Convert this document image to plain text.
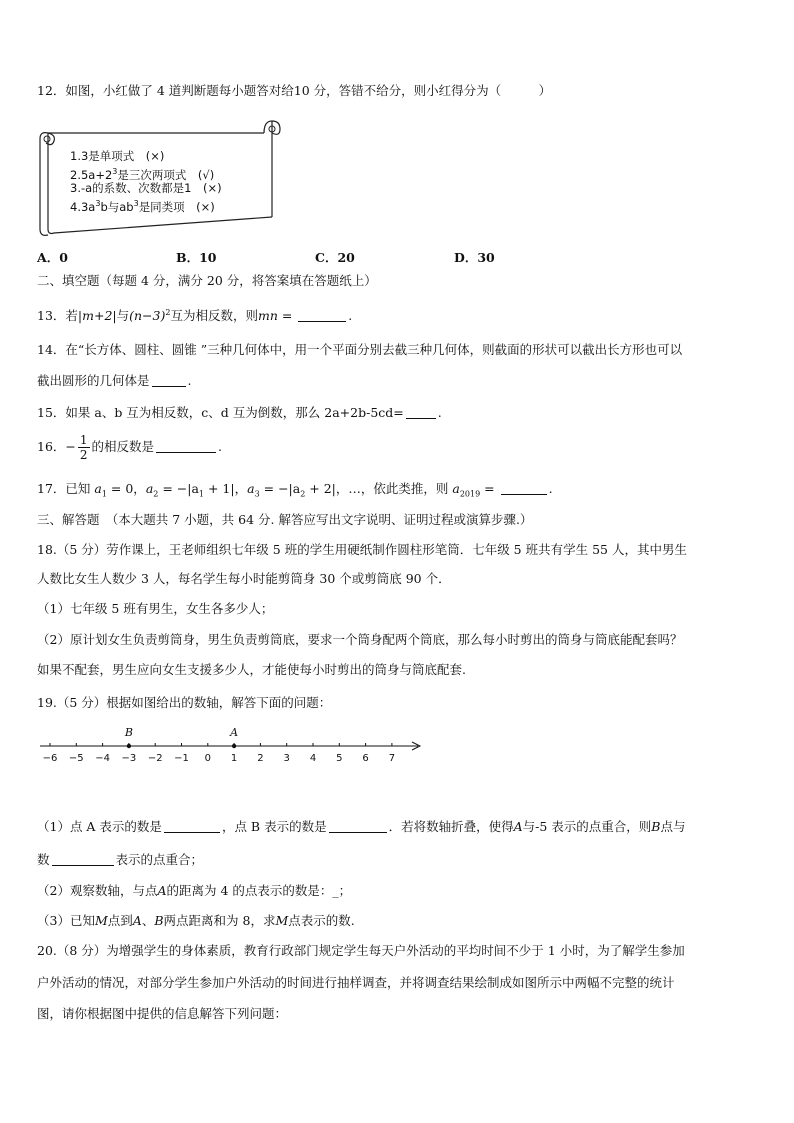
12．如图，小红做了 4 道判断题每小题答对给10 分，答错不给分，则小红得分为（　　　）
1.3是单项式　(×)
$2.5a+2^3$是三次两项式　(√)
3.-a的系数、次数都是1　(×)
$4.3a^3b$与$ab^3$是同类项　(×)
A．0	B．10	C．20	D．30
二、填空题（每题 4 分，满分 20 分，将答案填在答题纸上）
13．若|m+2|与$(n-3)^2$互为相反数，则mn =	.
14．在“长方体、圆柱、圆锥 ”三种几何体中，用一个平面分别去截三种几何体，则截面的形状可以截出长方形也可以
截出圆形的几何体是	.
15．如果 a、b 互为相反数，c、d 互为倒数，那么 2a+2b-5cd=	.
16．− $\frac{1}{2}$ 的相反数是	.
17．已知 $a_1 = 0$，$a_2 = -|a_1 + 1|$，$a_3 = -|a_2 + 2|$，…，依此类推，则 $a_{2019}$ =	.
三、解答题　（本大题共 7 小题，共 64 分. 解答应写出文字说明、证明过程或演算步骤.）
18.（5 分）劳作课上，王老师组织七年级 5 班的学生用硬纸制作圆柱形笔筒．七年级 5 班共有学生 55 人，其中男生
人数比女生人数少 3 人，每名学生每小时能剪筒身 30 个或剪筒底 90 个．
（1）七年级 5 班有男生，女生各多少人；
（2）原计划女生负责剪筒身，男生负责剪筒底，要求一个筒身配两个筒底，那么每小时剪出的筒身与筒底能配套吗？
如果不配套，男生应向女生支援多少人，才能使每小时剪出的筒身与筒底配套.
19.（5 分）根据如图给出的数轴，解答下面的问题：
−6 −5 −4 −3 −2 −1 0 1 2 3 4 5 6 7
B	A
（1）点 A 表示的数是	，点 B 表示的数是	．若将数轴折叠，使得A与-5 表示的点重合，则B点与
数	表示的点重合；
（2）观察数轴，与点A的距离为 4 的点表示的数是：_；
（3）已知M点到A、B两点距离和为 8，求M点表示的数.
20.（8 分）为增强学生的身体素质，教育行政部门规定学生每天户外活动的平均时间不少于 1 小时，为了解学生参加
户外活动的情况，对部分学生参加户外活动的时间进行抽样调查，并将调查结果绘制成如图所示中两幅不完整的统计
图，请你根据图中提供的信息解答下列问题：
